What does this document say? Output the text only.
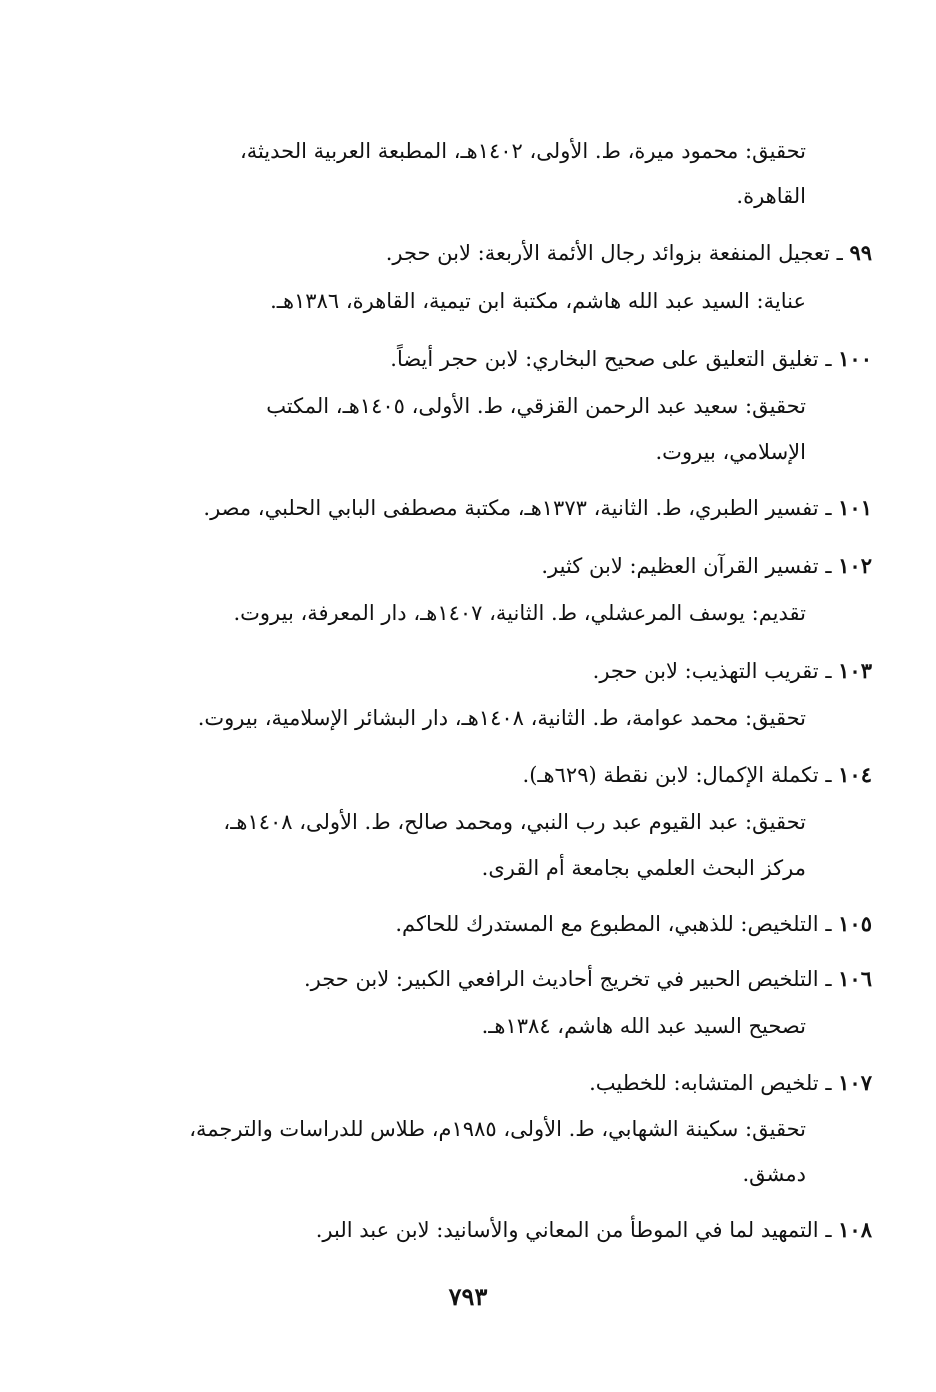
تحقيق: محمود ميرة، ط. الأولى، ١٤٠٢هـ، المطبعة العربية الحديثة،
القاهرة.
٩٩ ـ تعجيل المنفعة بزوائد رجال الأئمة الأربعة: لابن حجر.
عناية: السيد عبد الله هاشم، مكتبة ابن تيمية، القاهرة، ١٣٨٦هـ.
١٠٠ ـ تغليق التعليق على صحيح البخاري: لابن حجر أيضاً.
تحقيق: سعيد عبد الرحمن القزقي، ط. الأولى، ١٤٠٥هـ، المكتب
الإسلامي، بيروت.
١٠١ ـ تفسير الطبري، ط. الثانية، ١٣٧٣هـ، مكتبة مصطفى البابي الحلبي، مصر.
١٠٢ ـ تفسير القرآن العظيم: لابن كثير.
تقديم: يوسف المرعشلي، ط. الثانية، ١٤٠٧هـ، دار المعرفة، بيروت.
١٠٣ ـ تقريب التهذيب: لابن حجر.
تحقيق: محمد عوامة، ط. الثانية، ١٤٠٨هـ، دار البشائر الإسلامية، بيروت.
١٠٤ ـ تكملة الإكمال: لابن نقطة (٦٢٩هـ).
تحقيق: عبد القيوم عبد رب النبي، ومحمد صالح، ط. الأولى، ١٤٠٨هـ،
مركز البحث العلمي بجامعة أم القرى.
١٠٥ ـ التلخيص: للذهبي، المطبوع مع المستدرك للحاكم.
١٠٦ ـ التلخيص الحبير في تخريج أحاديث الرافعي الكبير: لابن حجر.
تصحيح السيد عبد الله هاشم، ١٣٨٤هـ.
١٠٧ ـ تلخيص المتشابه: للخطيب.
تحقيق: سكينة الشهابي، ط. الأولى، ١٩٨٥م، طلاس للدراسات والترجمة،
دمشق.
١٠٨ ـ التمهيد لما في الموطأ من المعاني والأسانيد: لابن عبد البر.
٧٩٣
